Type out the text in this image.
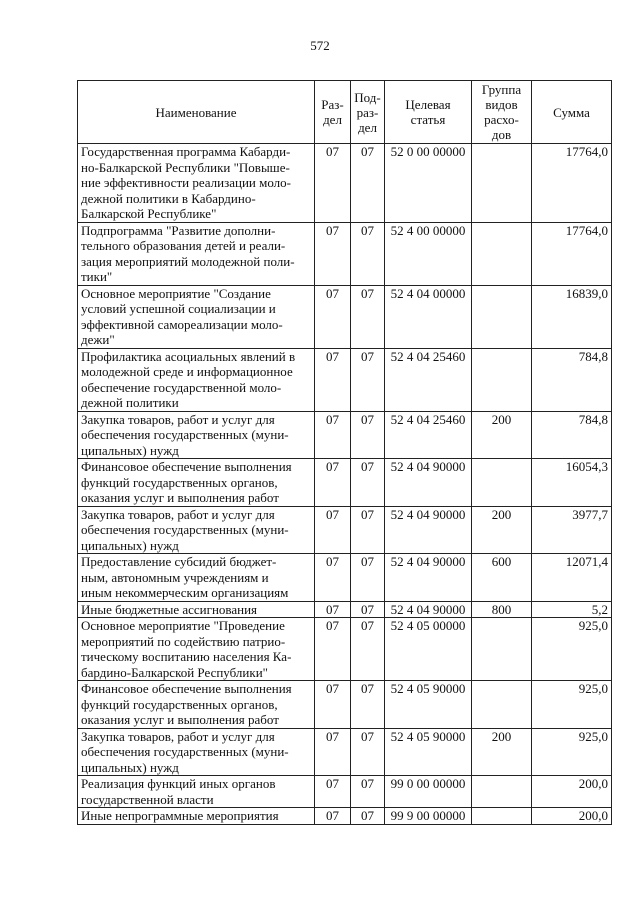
572
Наименование	Раз-
дел	Под-
раз-
дел	Целевая
статья	Группа
видов
расхо-
дов	Сумма
Государственная программа Кабарди-
но-Балкарской Республики "Повыше-
ние эффективности реализации моло-
дежной политики в Кабардино-
Балкарской Республике"	07	07	52 0 00 00000		17764,0
Подпрограмма "Развитие дополни-
тельного образования детей и реали-
зация мероприятий молодежной поли-
тики"	07	07	52 4 00 00000		17764,0
Основное мероприятие "Создание
условий успешной социализации и
эффективной самореализации моло-
дежи"	07	07	52 4 04 00000		16839,0
Профилактика асоциальных явлений в
молодежной среде и информационное
обеспечение государственной моло-
дежной политики	07	07	52 4 04 25460		784,8
Закупка товаров, работ и услуг для
обеспечения государственных (муни-
ципальных) нужд	07	07	52 4 04 25460	200	784,8
Финансовое обеспечение выполнения
функций государственных органов,
оказания услуг и выполнения работ	07	07	52 4 04 90000		16054,3
Закупка товаров, работ и услуг для
обеспечения государственных (муни-
ципальных) нужд	07	07	52 4 04 90000	200	3977,7
Предоставление субсидий бюджет-
ным, автономным учреждениям и
иным некоммерческим организациям	07	07	52 4 04 90000	600	12071,4
Иные бюджетные ассигнования	07	07	52 4 04 90000	800	5,2
Основное мероприятие "Проведение
мероприятий по содействию патрио-
тическому воспитанию населения Ка-
бардино-Балкарской Республики"	07	07	52 4 05 00000		925,0
Финансовое обеспечение выполнения
функций государственных органов,
оказания услуг и выполнения работ	07	07	52 4 05 90000		925,0
Закупка товаров, работ и услуг для
обеспечения государственных (муни-
ципальных) нужд	07	07	52 4 05 90000	200	925,0
Реализация функций иных органов
государственной власти	07	07	99 0 00 00000		200,0
Иные непрограммные мероприятия	07	07	99 9 00 00000		200,0
